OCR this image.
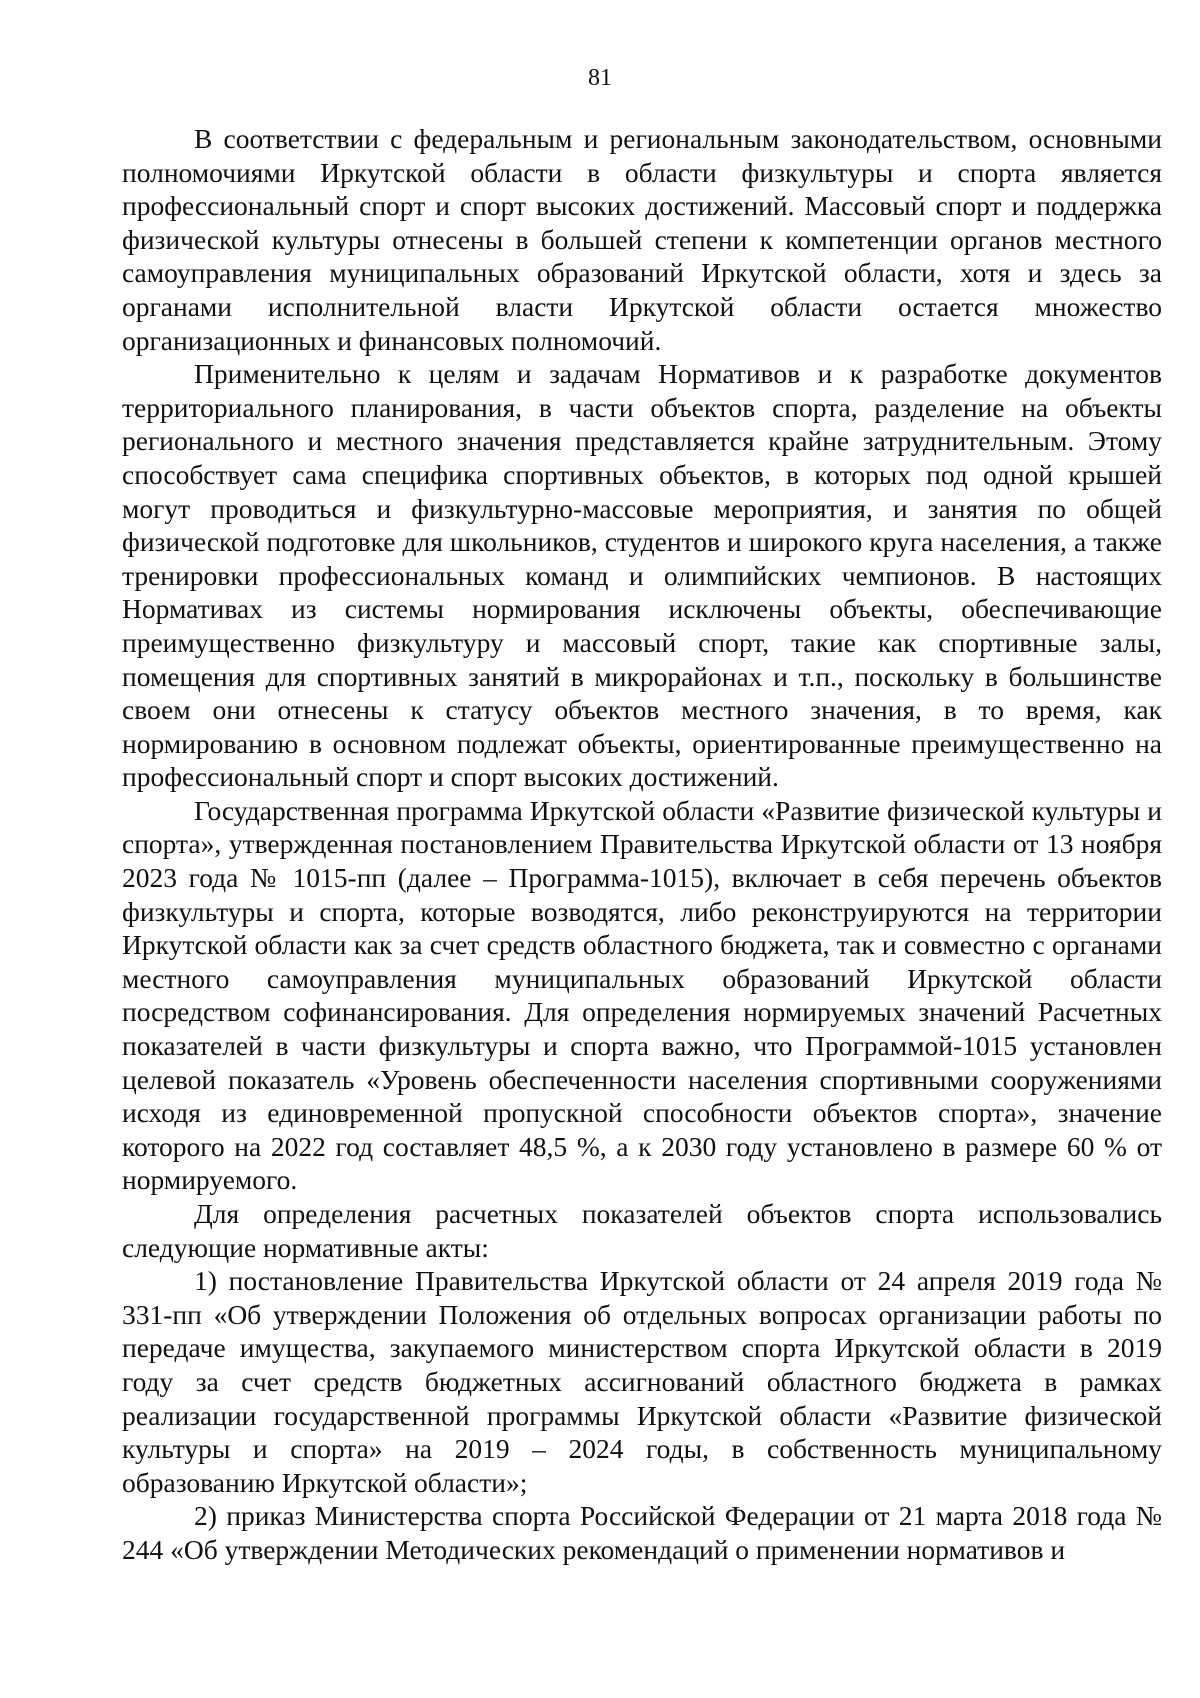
81

В соответствии с федеральным и региональным законодательством, основными полномочиями Иркутской области в области физкультуры и спорта является профессиональный спорт и спорт высоких достижений. Массовый спорт и поддержка физической культуры отнесены в большей степени к компетенции органов местного самоуправления муниципальных образований Иркутской области, хотя и здесь за органами исполнительной власти Иркутской области остается множество организационных и финансовых полномочий.

Применительно к целям и задачам Нормативов и к разработке документов территориального планирования, в части объектов спорта, разделение на объекты регионального и местного значения представляется крайне затруднительным. Этому способствует сама специфика спортивных объектов, в которых под одной крышей могут проводиться и физкультурно-массовые мероприятия, и занятия по общей физической подготовке для школьников, студентов и широкого круга населения, а также тренировки профессиональных команд и олимпийских чемпионов. В настоящих Нормативах из системы нормирования исключены объекты, обеспечивающие преимущественно физкультуру и массовый спорт, такие как спортивные залы, помещения для спортивных занятий в микрорайонах и т.п., поскольку в большинстве своем они отнесены к статусу объектов местного значения, в то время, как нормированию в основном подлежат объекты, ориентированные преимущественно на профессиональный спорт и спорт высоких достижений.

Государственная программа Иркутской области «Развитие физической культуры и спорта», утвержденная постановлением Правительства Иркутской области от 13 ноября 2023 года № 1015-пп (далее – Программа-1015), включает в себя перечень объектов физкультуры и спорта, которые возводятся, либо реконструируются на территории Иркутской области как за счет средств областного бюджета, так и совместно с органами местного самоуправления муниципальных образований Иркутской области посредством софинансирования. Для определения нормируемых значений Расчетных показателей в части физкультуры и спорта важно, что Программой-1015 установлен целевой показатель «Уровень обеспеченности населения спортивными сооружениями исходя из единовременной пропускной способности объектов спорта», значение которого на 2022 год составляет 48,5 %, а к 2030 году установлено в размере 60 % от нормируемого.

Для определения расчетных показателей объектов спорта использовались следующие нормативные акты:

1) постановление Правительства Иркутской области от 24 апреля 2019 года № 331-пп «Об утверждении Положения об отдельных вопросах организации работы по передаче имущества, закупаемого министерством спорта Иркутской области в 2019 году за счет средств бюджетных ассигнований областного бюджета в рамках реализации государственной программы Иркутской области «Развитие физической культуры и спорта» на 2019 – 2024 годы, в собственность муниципальному образованию Иркутской области»;

2) приказ Министерства спорта Российской Федерации от 21 марта 2018 года № 244 «Об утверждении Методических рекомендаций о применении нормативов и
